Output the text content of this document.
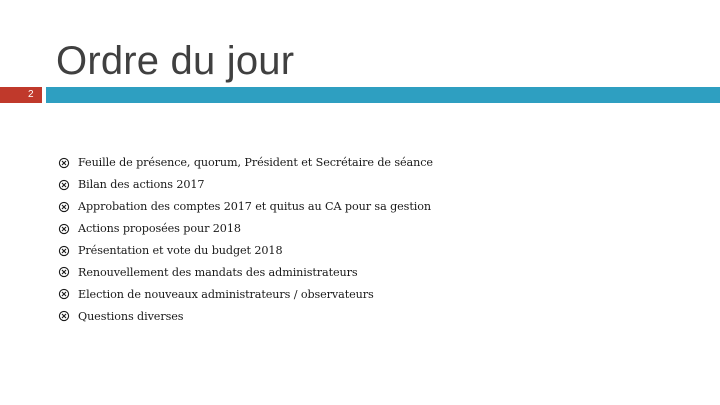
Ordre du jour
2
Feuille de présence, quorum, Président et Secrétaire de séance
Bilan des actions 2017
Approbation des comptes 2017 et quitus au CA pour sa gestion
Actions proposées pour 2018
Présentation et vote du budget 2018
Renouvellement des mandats des administrateurs
Election de nouveaux administrateurs / observateurs
Questions diverses
